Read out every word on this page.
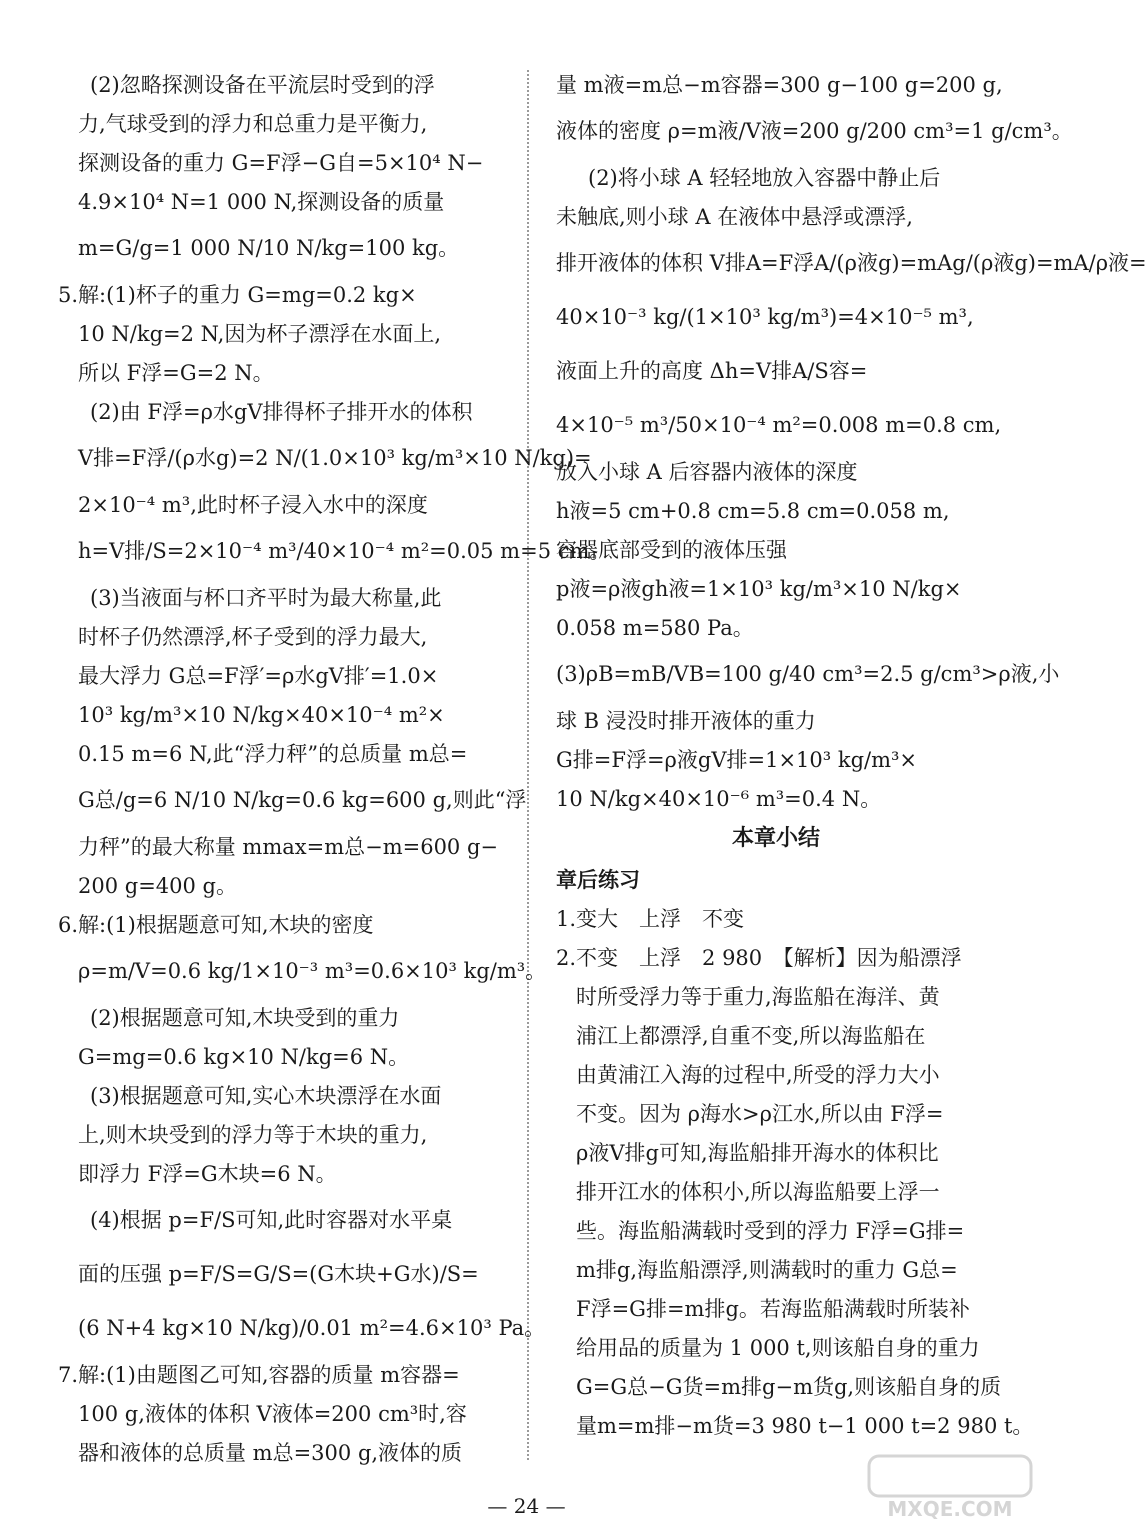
(2)忽略探测设备在平流层时受到的浮
力,气球受到的浮力和总重力是平衡力,
探测设备的重力 G=F浮−G自=5×10⁴ N−
4.9×10⁴ N=1 000 N,探测设备的质量
m=G/g=1 000 N/10 N/kg=100 kg。
5.解:(1)杯子的重力 G=mg=0.2 kg×
10 N/kg=2 N,因为杯子漂浮在水面上,
所以 F浮=G=2 N。
(2)由 F浮=ρ水gV排得杯子排开水的体积
V排=F浮/(ρ水g)=2 N/(1.0×10³ kg/m³×10 N/kg)=
2×10⁻⁴ m³,此时杯子浸入水中的深度
h=V排/S=2×10⁻⁴ m³/40×10⁻⁴ m²=0.05 m=5 cm。
(3)当液面与杯口齐平时为最大称量,此
时杯子仍然漂浮,杯子受到的浮力最大,
最大浮力 G总=F浮′=ρ水gV排′=1.0×
10³ kg/m³×10 N/kg×40×10⁻⁴ m²×
0.15 m=6 N,此“浮力秤”的总质量 m总=
G总/g=6 N/10 N/kg=0.6 kg=600 g,则此“浮
力秤”的最大称量 mmax=m总−m=600 g−
200 g=400 g。
6.解:(1)根据题意可知,木块的密度
ρ=m/V=0.6 kg/1×10⁻³ m³=0.6×10³ kg/m³。
(2)根据题意可知,木块受到的重力
G=mg=0.6 kg×10 N/kg=6 N。
(3)根据题意可知,实心木块漂浮在水面
上,则木块受到的浮力等于木块的重力,
即浮力 F浮=G木块=6 N。
(4)根据 p=F/S可知,此时容器对水平桌
面的压强 p=F/S=G/S=(G木块+G水)/S=
(6 N+4 kg×10 N/kg)/0.01 m²=4.6×10³ Pa。
7.解:(1)由题图乙可知,容器的质量 m容器=
100 g,液体的体积 V液体=200 cm³时,容
器和液体的总质量 m总=300 g,液体的质
量 m液=m总−m容器=300 g−100 g=200 g,
液体的密度 ρ=m液/V液=200 g/200 cm³=1 g/cm³。
(2)将小球 A 轻轻地放入容器中静止后
未触底,则小球 A 在液体中悬浮或漂浮,
排开液体的体积 V排A=F浮A/(ρ液g)=mAg/(ρ液g)=mA/ρ液=
40×10⁻³ kg/(1×10³ kg/m³)=4×10⁻⁵ m³,
液面上升的高度 Δh=V排A/S容=
4×10⁻⁵ m³/50×10⁻⁴ m²=0.008 m=0.8 cm,
放入小球 A 后容器内液体的深度
h液=5 cm+0.8 cm=5.8 cm=0.058 m,
容器底部受到的液体压强
p液=ρ液gh液=1×10³ kg/m³×10 N/kg×
0.058 m=580 Pa。
(3)ρB=mB/VB=100 g/40 cm³=2.5 g/cm³>ρ液,小
球 B 浸没时排开液体的重力
G排=F浮=ρ液gV排=1×10³ kg/m³×
10 N/kg×40×10⁻⁶ m³=0.4 N。
本章小结
章后练习
1.变大　上浮　不变
2.不变　上浮　2 980　【解析】因为船漂浮
时所受浮力等于重力,海监船在海洋、黄
浦江上都漂浮,自重不变,所以海监船在
由黄浦江入海的过程中,所受的浮力大小
不变。因为 ρ海水>ρ江水,所以由 F浮=
ρ液V排g可知,海监船排开海水的体积比
排开江水的体积小,所以海监船要上浮一
些。海监船满载时受到的浮力 F浮=G排=
m排g,海监船漂浮,则满载时的重力 G总=
F浮=G排=m排g。若海监船满载时所装补
给用品的质量为 1 000 t,则该船自身的重力
G=G总−G货=m排g−m货g,则该船自身的质
量m=m排−m货=3 980 t−1 000 t=2 980 t。
— 24 —	MXQE.COM
